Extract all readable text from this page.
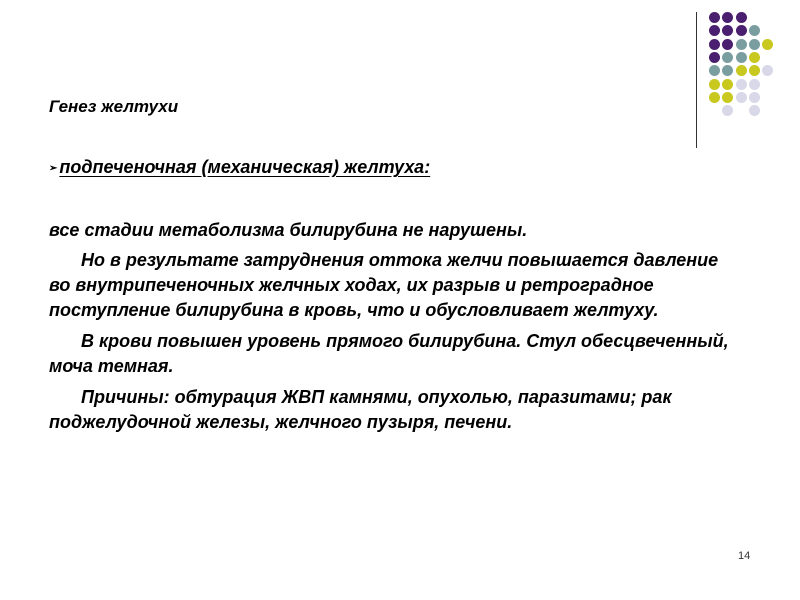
Генез желтухи
➢ подпеченочная (механическая) желтуха:

все стадии метаболизма билирубина не нарушены.

Но в результате затруднения оттока желчи повышается давление во внутрипеченочных желчных ходах, их разрыв и ретроградное поступление билирубина в кровь, что и обусловливает желтуху.

В крови повышен уровень прямого билирубина. Стул обесцвеченный, моча темная.

Причины: обтурация ЖВП камнями, опухолью, паразитами; рак поджелудочной железы, желчного пузыря, печени.

14
